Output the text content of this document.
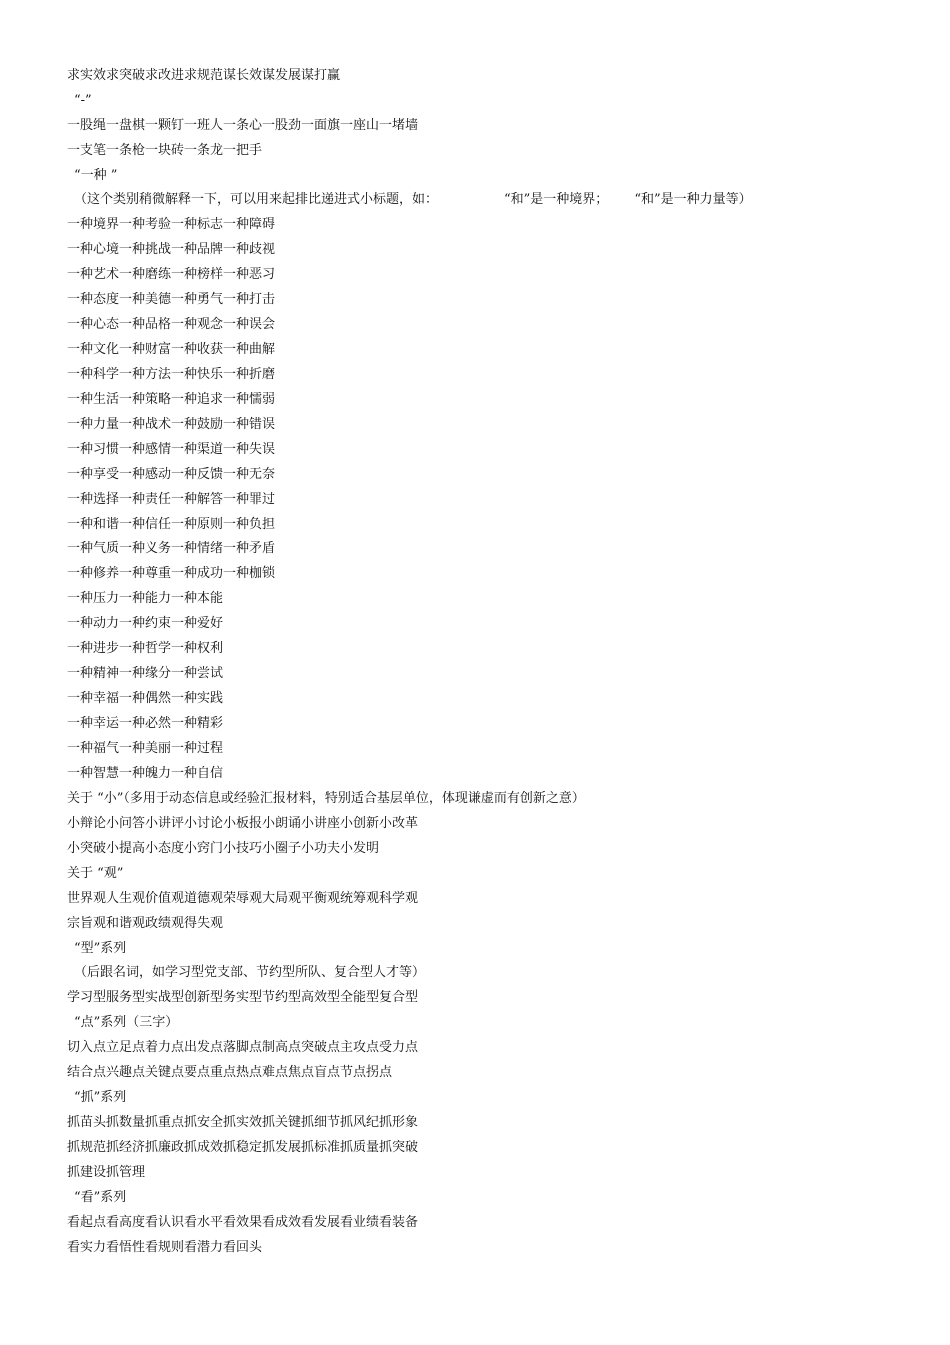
求实效求突破求改进求规范谋长效谋发展谋打赢
“-”
一股绳一盘棋一颗钉一班人一条心一股劲一面旗一座山一堵墙
一支笔一条枪一块砖一条龙一把手
“一种 ”
（这个类别稍微解释一下，可以用来起排比递进式小标题，如：	“和”是一种境界； “和”是一种力量等）
一种境界一种考验一种标志一种障碍
一种心境一种挑战一种品牌一种歧视
一种艺术一种磨练一种榜样一种恶习
一种态度一种美德一种勇气一种打击
一种心态一种品格一种观念一种误会
一种文化一种财富一种收获一种曲解
一种科学一种方法一种快乐一种折磨
一种生活一种策略一种追求一种懦弱
一种力量一种战术一种鼓励一种错误
一种习惯一种感情一种渠道一种失误
一种享受一种感动一种反馈一种无奈
一种选择一种责任一种解答一种罪过
一种和谐一种信任一种原则一种负担
一种气质一种义务一种情绪一种矛盾
一种修养一种尊重一种成功一种枷锁
一种压力一种能力一种本能
一种动力一种约束一种爱好
一种进步一种哲学一种权利
一种精神一种缘分一种尝试
一种幸福一种偶然一种实践
一种幸运一种必然一种精彩
一种福气一种美丽一种过程
一种智慧一种魄力一种自信
关于 “小”（多用于动态信息或经验汇报材料，特别适合基层单位，体现谦虚而有创新之意）
小辩论小问答小讲评小讨论小板报小朗诵小讲座小创新小改革
小突破小提高小态度小窍门小技巧小圈子小功夫小发明
关于 “观”
世界观人生观价值观道德观荣辱观大局观平衡观统筹观科学观
宗旨观和谐观政绩观得失观
“型”系列
（后跟名词，如学习型党支部、节约型所队、复合型人才等）
学习型服务型实战型创新型务实型节约型高效型全能型复合型
“点”系列（三字）
切入点立足点着力点出发点落脚点制高点突破点主攻点受力点
结合点兴趣点关键点要点重点热点难点焦点盲点节点拐点
“抓”系列
抓苗头抓数量抓重点抓安全抓实效抓关键抓细节抓风纪抓形象
抓规范抓经济抓廉政抓成效抓稳定抓发展抓标准抓质量抓突破
抓建设抓管理
“看”系列
看起点看高度看认识看水平看效果看成效看发展看业绩看装备
看实力看悟性看规则看潜力看回头
